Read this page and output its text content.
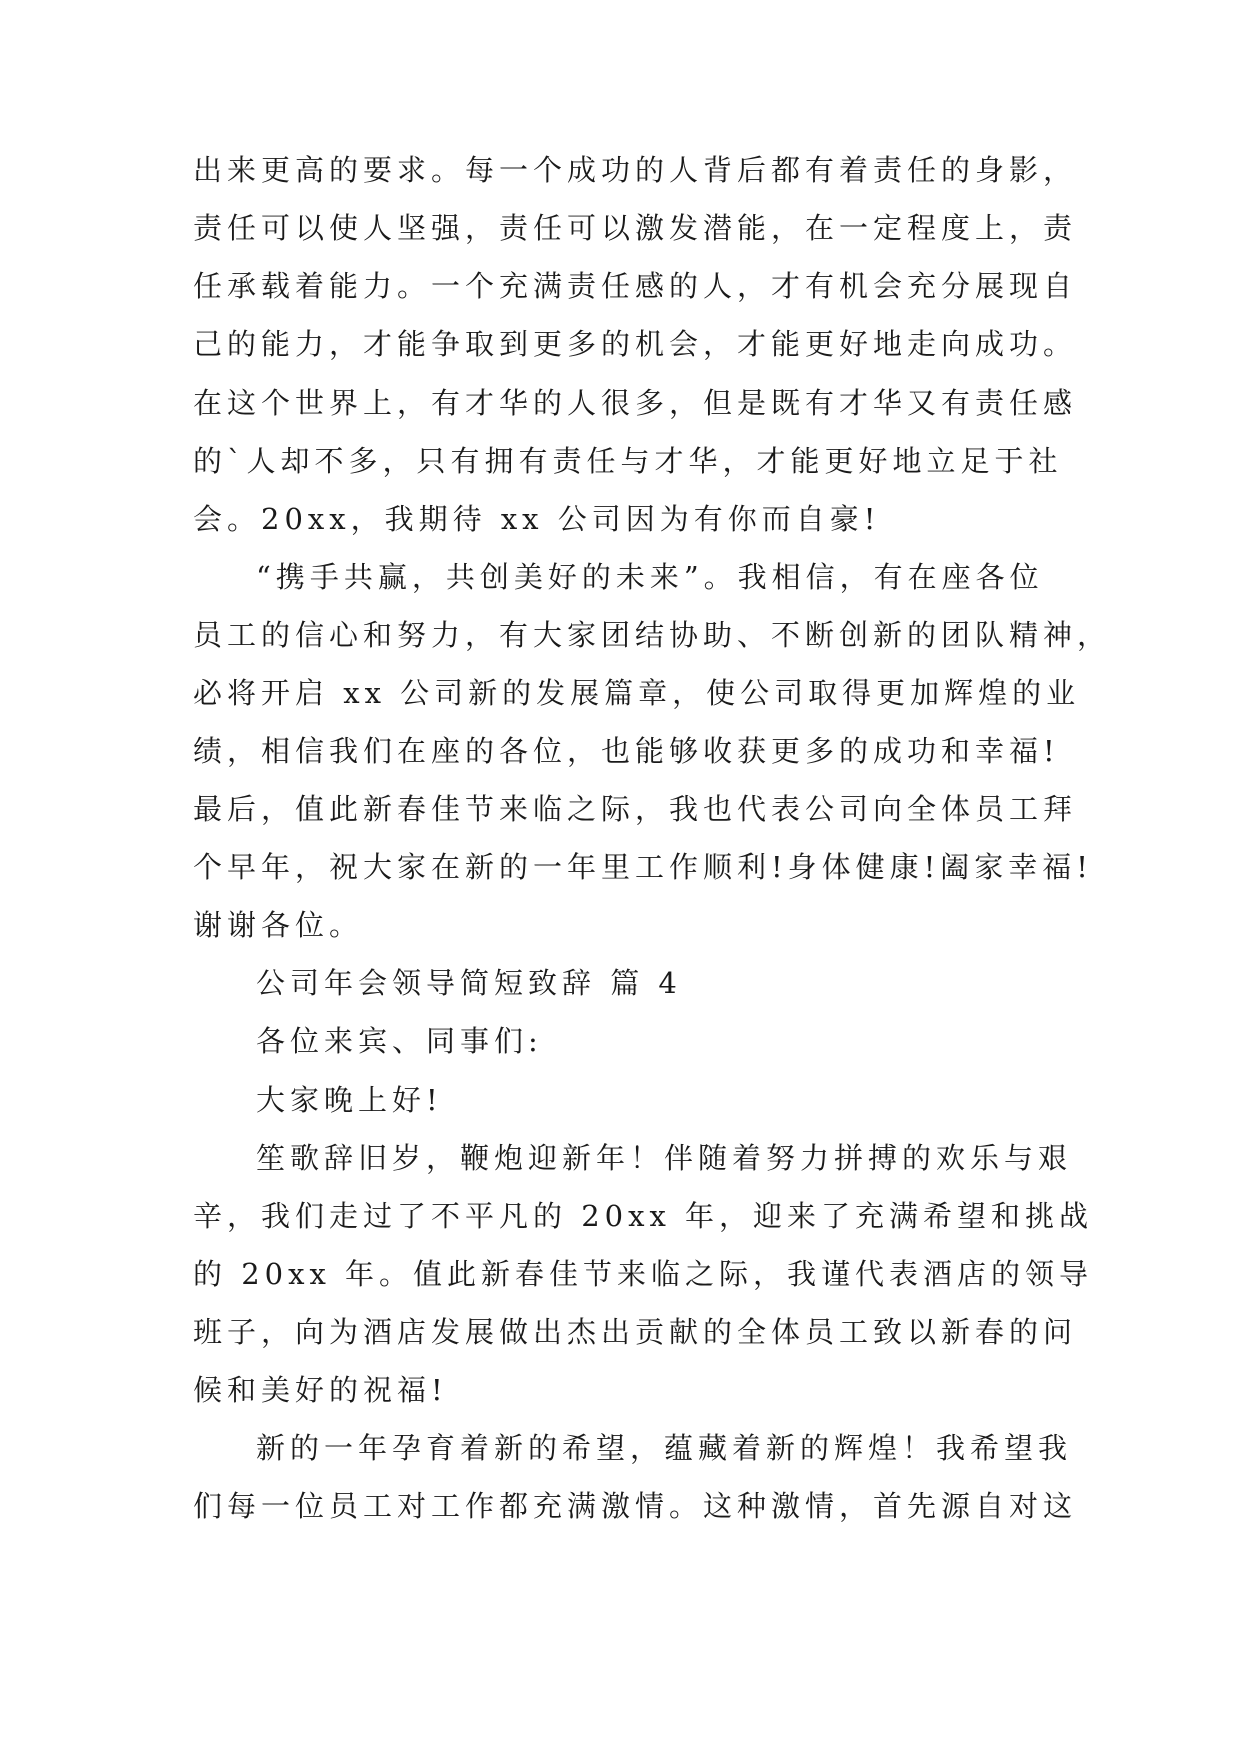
出来更高的要求。每一个成功的人背后都有着责任的身影，
责任可以使人坚强，责任可以激发潜能，在一定程度上，责
任承载着能力。一个充满责任感的人，才有机会充分展现自
己的能力，才能争取到更多的机会，才能更好地走向成功。
在这个世界上，有才华的人很多，但是既有才华又有责任感
的`人却不多，只有拥有责任与才华，才能更好地立足于社
会。20xx，我期待 xx 公司因为有你而自豪!
“携手共赢，共创美好的未来”。我相信，有在座各位
员工的信心和努力，有大家团结协助、不断创新的团队精神，
必将开启 xx 公司新的发展篇章，使公司取得更加辉煌的业
绩，相信我们在座的各位，也能够收获更多的成功和幸福!
最后，值此新春佳节来临之际，我也代表公司向全体员工拜
个早年，祝大家在新的一年里工作顺利!身体健康!阖家幸福!
谢谢各位。
公司年会领导简短致辞 篇 4
各位来宾、同事们:
大家晚上好!
笙歌辞旧岁，鞭炮迎新年！伴随着努力拼搏的欢乐与艰
辛，我们走过了不平凡的 20xx 年，迎来了充满希望和挑战
的 20xx 年。值此新春佳节来临之际，我谨代表酒店的领导
班子，向为酒店发展做出杰出贡献的全体员工致以新春的问
候和美好的祝福!
新的一年孕育着新的希望，蕴藏着新的辉煌！我希望我
们每一位员工对工作都充满激情。这种激情，首先源自对这
